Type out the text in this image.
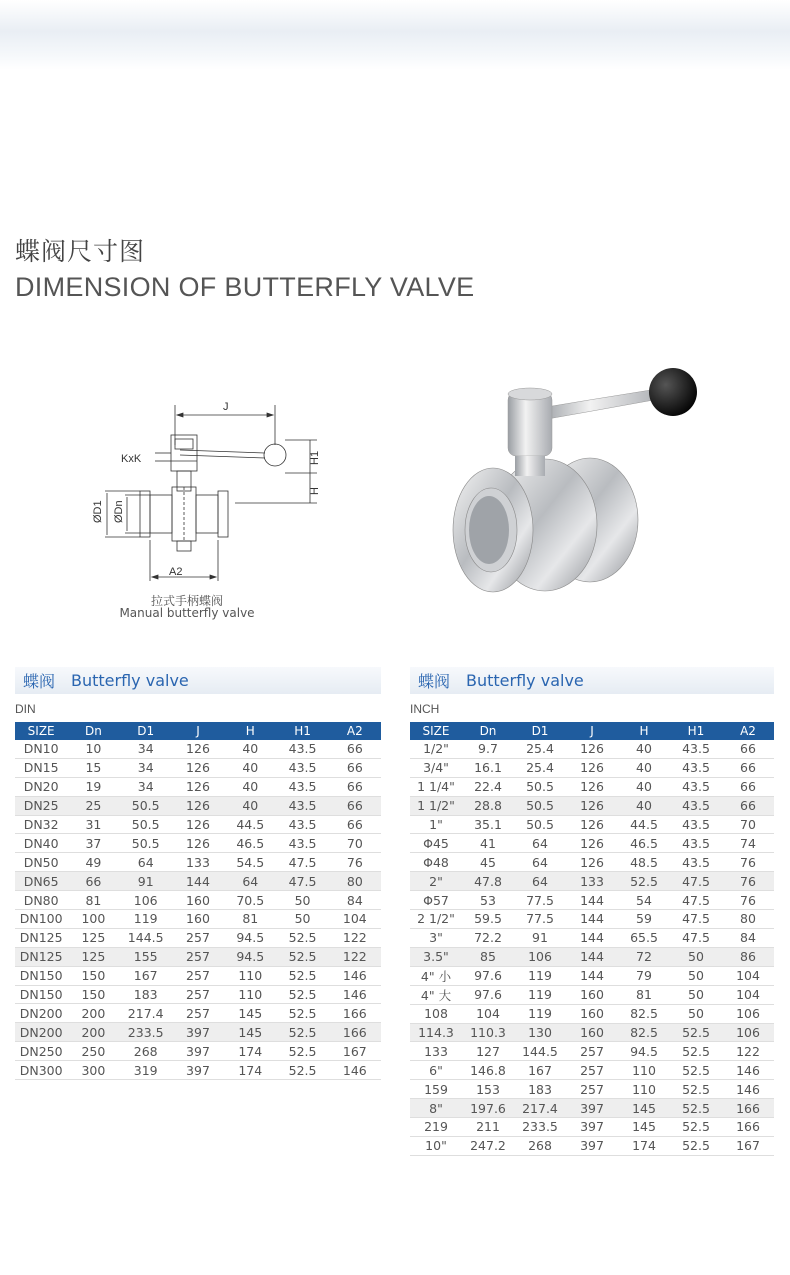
蝶阀尺寸图
DIMENSION OF BUTTERFLY VALVE
J
KxK	H1
H
ØD1 ØDn
A2
拉式手柄蝶阀
Manual butterfly valve
蝶阀 Butterfly valve
DIN
SIZE	Dn	D1	J	H	H1	A2
DN10	10	34	126	40	43.5	66
DN15	15	34	126	40	43.5	66
DN20	19	34	126	40	43.5	66
DN25	25	50.5	126	40	43.5	66
DN32	31	50.5	126	44.5	43.5	66
DN40	37	50.5	126	46.5	43.5	70
DN50	49	64	133	54.5	47.5	76
DN65	66	91	144	64	47.5	80
DN80	81	106	160	70.5	50	84
DN100	100	119	160	81	50	104
DN125	125	144.5	257	94.5	52.5	122
DN125	125	155	257	94.5	52.5	122
DN150	150	167	257	110	52.5	146
DN150	150	183	257	110	52.5	146
DN200	200	217.4	257	145	52.5	166
DN200	200	233.5	397	145	52.5	166
DN250	250	268	397	174	52.5	167
DN300	300	319	397	174	52.5	146
蝶阀 Butterfly valve
INCH
SIZE	Dn	D1	J	H	H1	A2
1/2"	9.7	25.4	126	40	43.5	66
3/4"	16.1	25.4	126	40	43.5	66
1 1/4"	22.4	50.5	126	40	43.5	66
1 1/2"	28.8	50.5	126	40	43.5	66
1"	35.1	50.5	126	44.5	43.5	70
Φ45	41	64	126	46.5	43.5	74
Φ48	45	64	126	48.5	43.5	76
2"	47.8	64	133	52.5	47.5	76
Φ57	53	77.5	144	54	47.5	76
2 1/2"	59.5	77.5	144	59	47.5	80
3"	72.2	91	144	65.5	47.5	84
3.5"	85	106	144	72	50	86
4" 小	97.6	119	144	79	50	104
4" 大	97.6	119	160	81	50	104
108	104	119	160	82.5	50	106
114.3	110.3	130	160	82.5	52.5	106
133	127	144.5	257	94.5	52.5	122
6"	146.8	167	257	110	52.5	146
159	153	183	257	110	52.5	146
8"	197.6	217.4	397	145	52.5	166
219	211	233.5	397	145	52.5	166
10"	247.2	268	397	174	52.5	167
